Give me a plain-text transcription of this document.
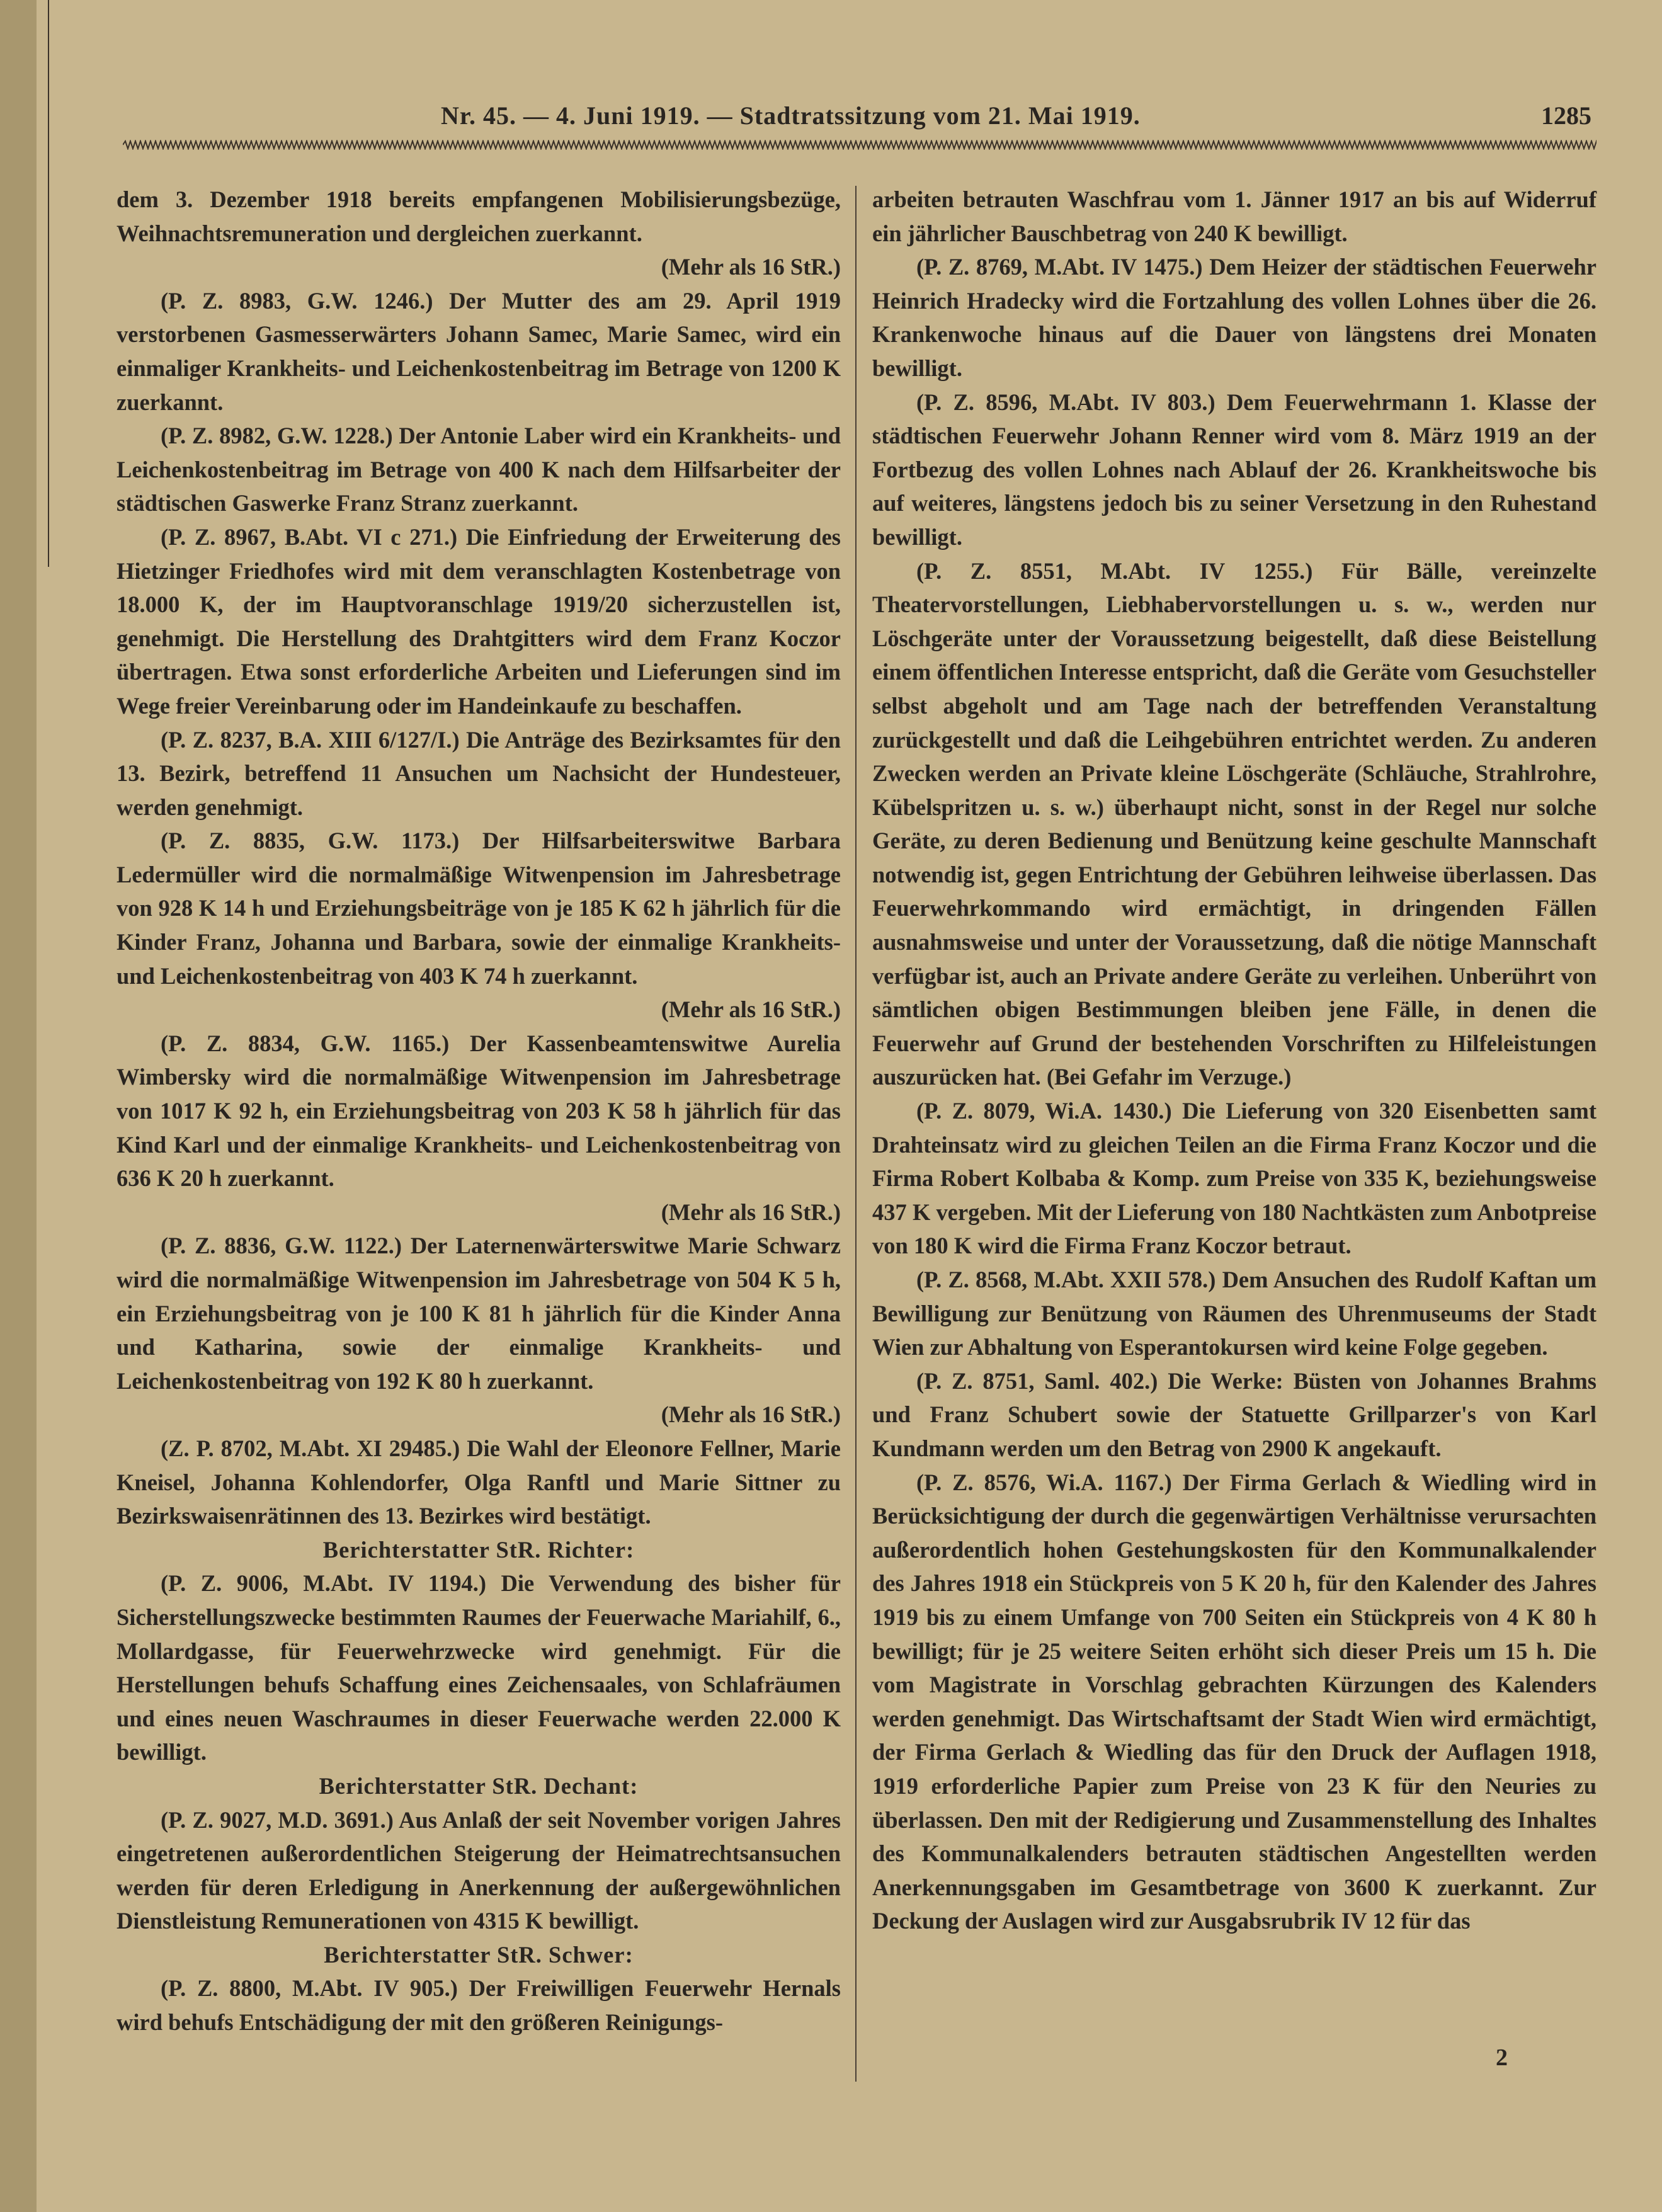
Nr. 45. — 4. Juni 1919. — Stadtratssitzung vom 21. Mai 1919.	1285

dem 3. Dezember 1918 bereits empfangenen Mobilisierungsbezüge, Weihnachtsremuneration und dergleichen zuerkannt.

(Mehr als 16 StR.)

(P. Z. 8983, G.W. 1246.) Der Mutter des am 29. April 1919 verstorbenen Gasmesserwärters Johann Samec, Marie Samec, wird ein einmaliger Krankheits- und Leichenkostenbeitrag im Betrage von 1200 K zuerkannt.

(P. Z. 8982, G.W. 1228.) Der Antonie Laber wird ein Krankheits- und Leichenkostenbeitrag im Betrage von 400 K nach dem Hilfsarbeiter der städtischen Gaswerke Franz Stranz zuerkannt.

(P. Z. 8967, B.Abt. VI c 271.) Die Einfriedung der Erweiterung des Hietzinger Friedhofes wird mit dem veranschlagten Kostenbetrage von 18.000 K, der im Hauptvoranschlage 1919/20 sicherzustellen ist, genehmigt. Die Herstellung des Drahtgitters wird dem Franz Koczor übertragen. Etwa sonst erforderliche Arbeiten und Lieferungen sind im Wege freier Vereinbarung oder im Handeinkaufe zu beschaffen.

(P. Z. 8237, B.A. XIII 6/127/I.) Die Anträge des Bezirksamtes für den 13. Bezirk, betreffend 11 Ansuchen um Nachsicht der Hundesteuer, werden genehmigt.

(P. Z. 8835, G.W. 1173.) Der Hilfsarbeiterswitwe Barbara Ledermüller wird die normalmäßige Witwenpension im Jahresbetrage von 928 K 14 h und Erziehungsbeiträge von je 185 K 62 h jährlich für die Kinder Franz, Johanna und Barbara, sowie der einmalige Krankheits- und Leichenkostenbeitrag von 403 K 74 h zuerkannt.

(Mehr als 16 StR.)

(P. Z. 8834, G.W. 1165.) Der Kassenbeamtenswitwe Aurelia Wimbersky wird die normalmäßige Witwenpension im Jahresbetrage von 1017 K 92 h, ein Erziehungsbeitrag von 203 K 58 h jährlich für das Kind Karl und der einmalige Krankheits- und Leichenkostenbeitrag von 636 K 20 h zuerkannt.

(Mehr als 16 StR.)

(P. Z. 8836, G.W. 1122.) Der Laternenwärterswitwe Marie Schwarz wird die normalmäßige Witwenpension im Jahresbetrage von 504 K 5 h, ein Erziehungsbeitrag von je 100 K 81 h jährlich für die Kinder Anna und Katharina, sowie der einmalige Krankheits- und Leichenkostenbeitrag von 192 K 80 h zuerkannt.

(Mehr als 16 StR.)

(Z. P. 8702, M.Abt. XI 29485.) Die Wahl der Eleonore Fellner, Marie Kneisel, Johanna Kohlendorfer, Olga Ranftl und Marie Sittner zu Bezirkswaisenrätinnen des 13. Bezirkes wird bestätigt.

Berichterstatter StR. Richter:

(P. Z. 9006, M.Abt. IV 1194.) Die Verwendung des bisher für Sicherstellungszwecke bestimmten Raumes der Feuerwache Mariahilf, 6., Mollardgasse, für Feuerwehrzwecke wird genehmigt. Für die Herstellungen behufs Schaffung eines Zeichensaales, von Schlafräumen und eines neuen Waschraumes in dieser Feuerwache werden 22.000 K bewilligt.

Berichterstatter StR. Dechant:

(P. Z. 9027, M.D. 3691.) Aus Anlaß der seit November vorigen Jahres eingetretenen außerordentlichen Steigerung der Heimatrechtsansuchen werden für deren Erledigung in Anerkennung der außergewöhnlichen Dienstleistung Remunerationen von 4315 K bewilligt.

Berichterstatter StR. Schwer:

(P. Z. 8800, M.Abt. IV 905.) Der Freiwilligen Feuerwehr Hernals wird behufs Entschädigung der mit den größeren Reinigungs-

arbeiten betrauten Waschfrau vom 1. Jänner 1917 an bis auf Widerruf ein jährlicher Bauschbetrag von 240 K bewilligt.

(P. Z. 8769, M.Abt. IV 1475.) Dem Heizer der städtischen Feuerwehr Heinrich Hradecky wird die Fortzahlung des vollen Lohnes über die 26. Krankenwoche hinaus auf die Dauer von längstens drei Monaten bewilligt.

(P. Z. 8596, M.Abt. IV 803.) Dem Feuerwehrmann 1. Klasse der städtischen Feuerwehr Johann Renner wird vom 8. März 1919 an der Fortbezug des vollen Lohnes nach Ablauf der 26. Krankheitswoche bis auf weiteres, längstens jedoch bis zu seiner Versetzung in den Ruhestand bewilligt.

(P. Z. 8551, M.Abt. IV 1255.) Für Bälle, vereinzelte Theatervorstellungen, Liebhabervorstellungen u. s. w., werden nur Löschgeräte unter der Voraussetzung beigestellt, daß diese Beistellung einem öffentlichen Interesse entspricht, daß die Geräte vom Gesuchsteller selbst abgeholt und am Tage nach der betreffenden Veranstaltung zurückgestellt und daß die Leihgebühren entrichtet werden. Zu anderen Zwecken werden an Private kleine Löschgeräte (Schläuche, Strahlrohre, Kübelspritzen u. s. w.) überhaupt nicht, sonst in der Regel nur solche Geräte, zu deren Bedienung und Benützung keine geschulte Mannschaft notwendig ist, gegen Entrichtung der Gebühren leihweise überlassen. Das Feuerwehrkommando wird ermächtigt, in dringenden Fällen ausnahmsweise und unter der Voraussetzung, daß die nötige Mannschaft verfügbar ist, auch an Private andere Geräte zu verleihen. Unberührt von sämtlichen obigen Bestimmungen bleiben jene Fälle, in denen die Feuerwehr auf Grund der bestehenden Vorschriften zu Hilfeleistungen auszurücken hat. (Bei Gefahr im Verzuge.)

(P. Z. 8079, Wi.A. 1430.) Die Lieferung von 320 Eisenbetten samt Drahteinsatz wird zu gleichen Teilen an die Firma Franz Koczor und die Firma Robert Kolbaba & Komp. zum Preise von 335 K, beziehungsweise 437 K vergeben. Mit der Lieferung von 180 Nachtkästen zum Anbotpreise von 180 K wird die Firma Franz Koczor betraut.

(P. Z. 8568, M.Abt. XXII 578.) Dem Ansuchen des Rudolf Kaftan um Bewilligung zur Benützung von Räumen des Uhrenmuseums der Stadt Wien zur Abhaltung von Esperantokursen wird keine Folge gegeben.

(P. Z. 8751, Saml. 402.) Die Werke: Büsten von Johannes Brahms und Franz Schubert sowie der Statuette Grillparzer's von Karl Kundmann werden um den Betrag von 2900 K angekauft.

(P. Z. 8576, Wi.A. 1167.) Der Firma Gerlach & Wiedling wird in Berücksichtigung der durch die gegenwärtigen Verhältnisse verursachten außerordentlich hohen Gestehungskosten für den Kommunalkalender des Jahres 1918 ein Stückpreis von 5 K 20 h, für den Kalender des Jahres 1919 bis zu einem Umfange von 700 Seiten ein Stückpreis von 4 K 80 h bewilligt; für je 25 weitere Seiten erhöht sich dieser Preis um 15 h. Die vom Magistrate in Vorschlag gebrachten Kürzungen des Kalenders werden genehmigt. Das Wirtschaftsamt der Stadt Wien wird ermächtigt, der Firma Gerlach & Wiedling das für den Druck der Auflagen 1918, 1919 erforderliche Papier zum Preise von 23 K für den Neuries zu überlassen. Den mit der Redigierung und Zusammenstellung des Inhaltes des Kommunalkalenders betrauten städtischen Angestellten werden Anerkennungsgaben im Gesamtbetrage von 3600 K zuerkannt. Zur Deckung der Auslagen wird zur Ausgabsrubrik IV 12 für das

2
